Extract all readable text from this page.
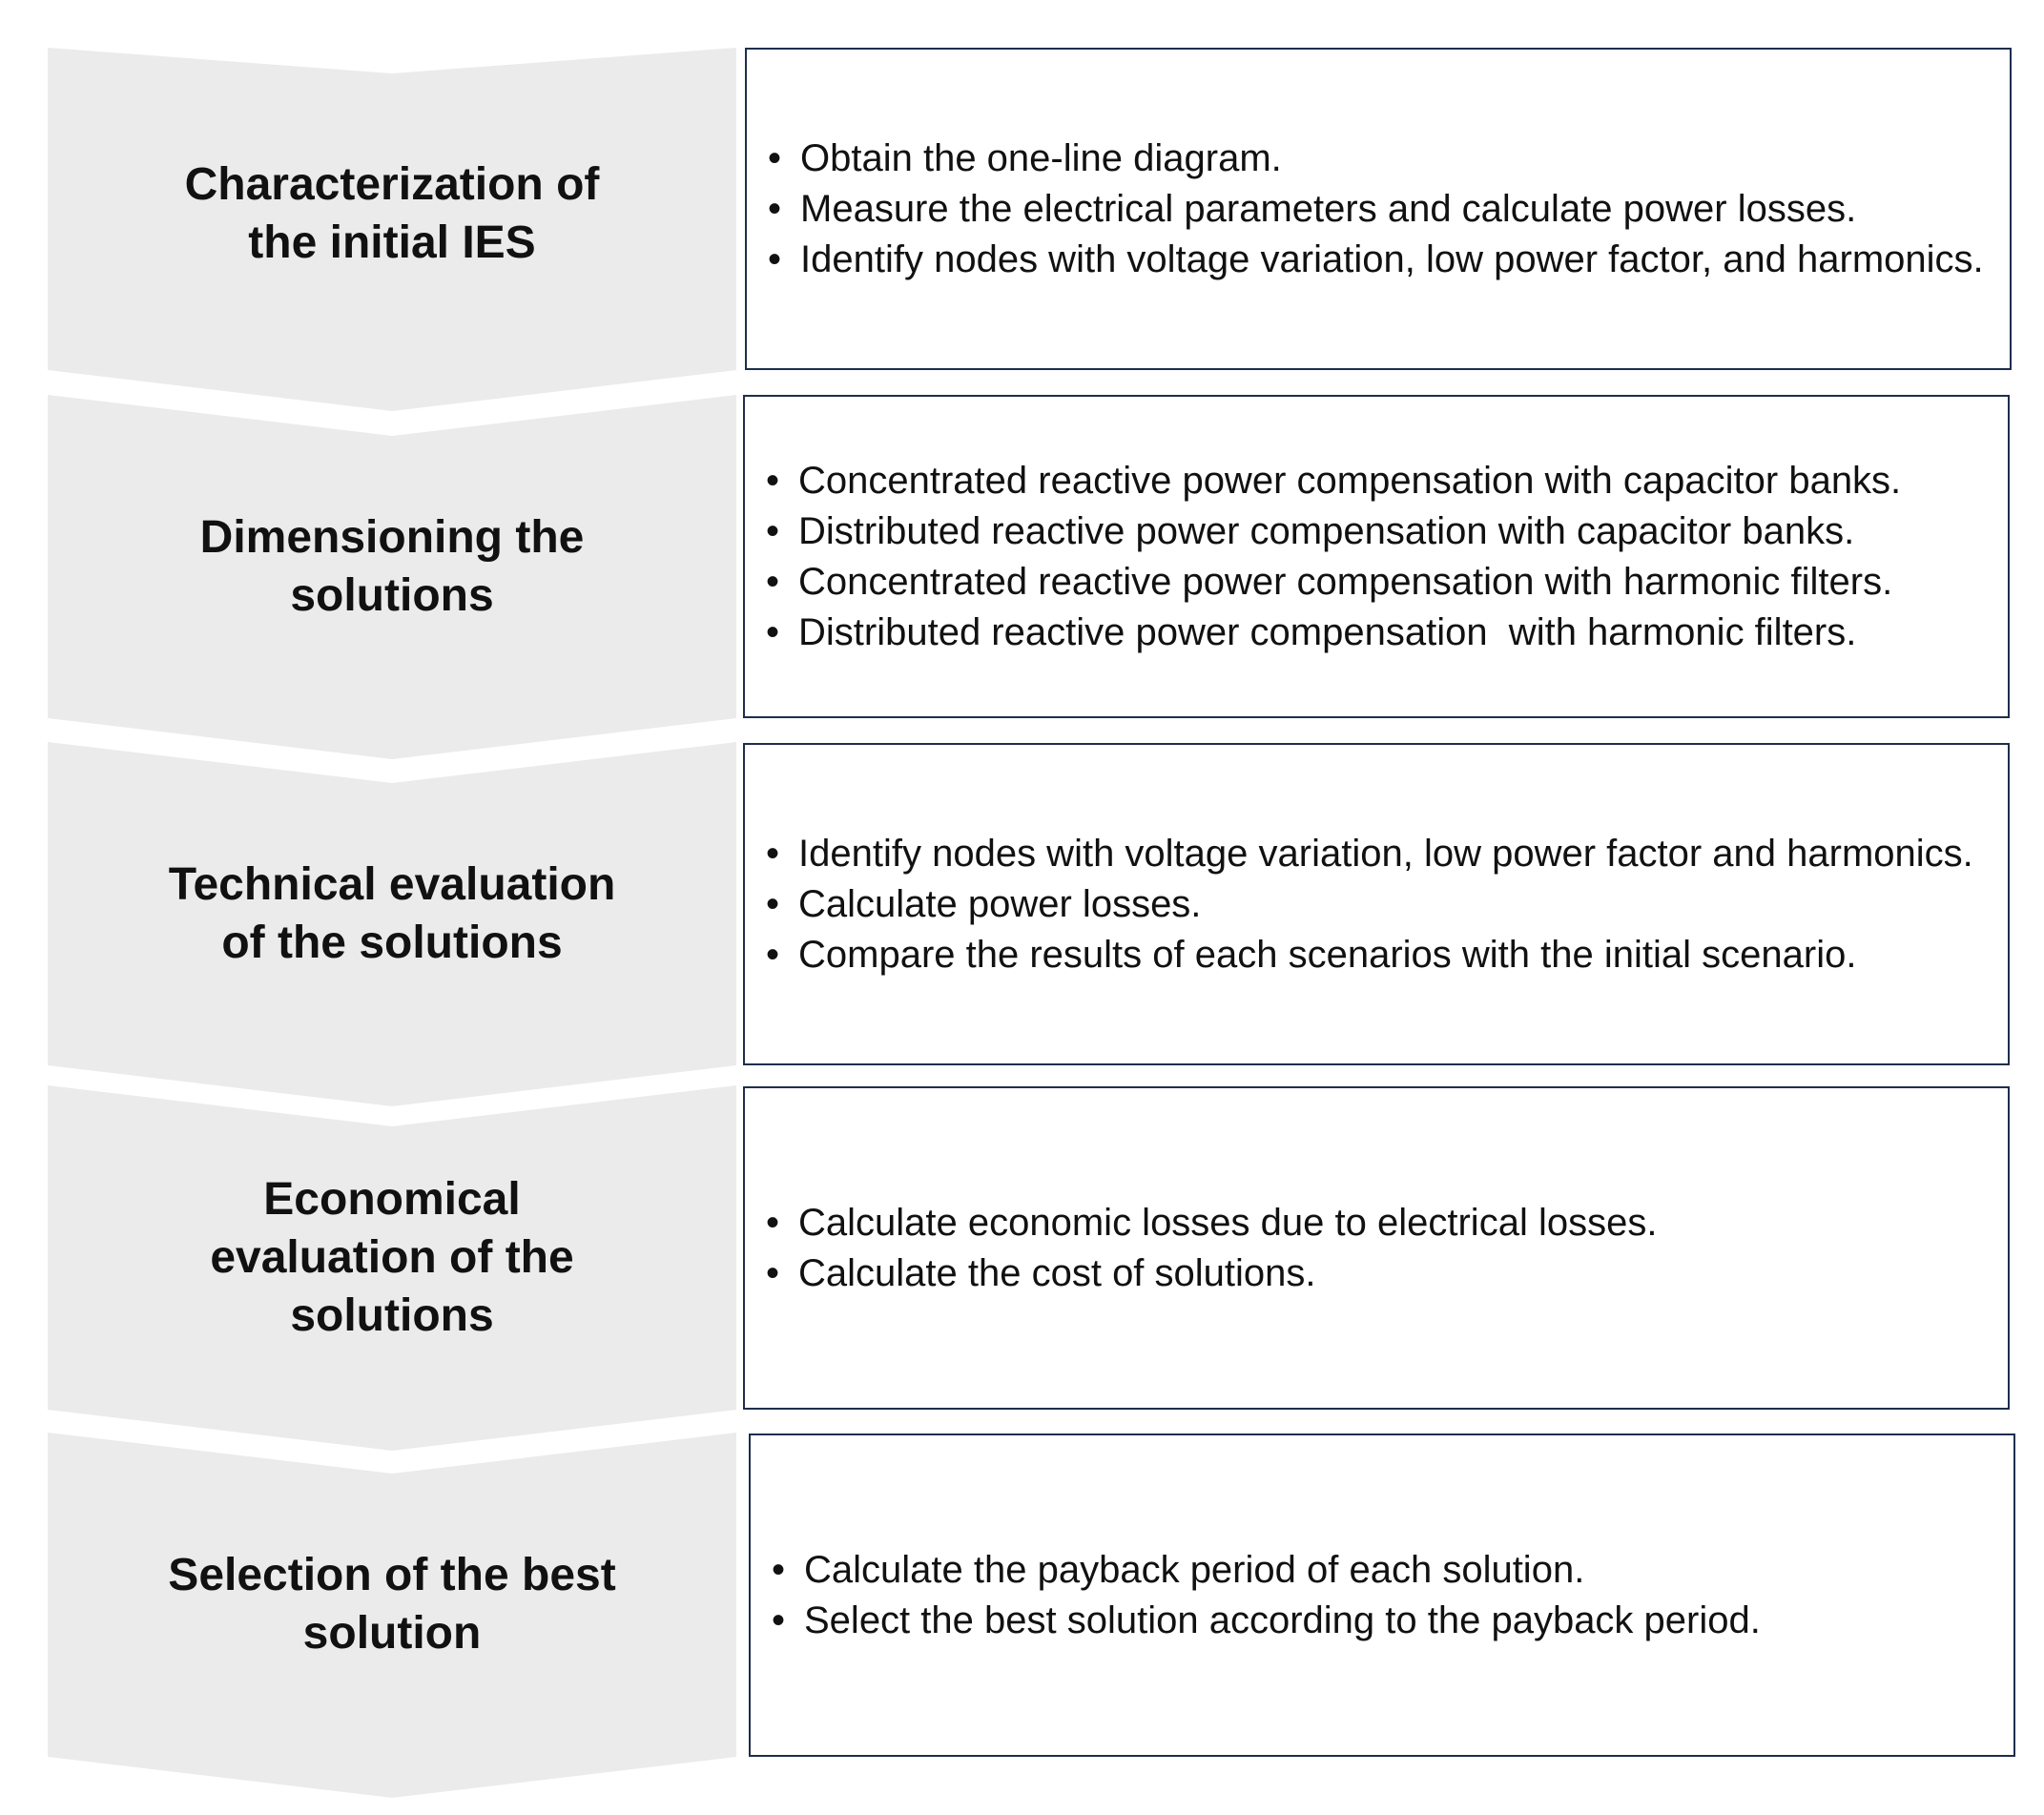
Characterization of the initial IES
• Obtain the one-line diagram.
• Measure the electrical parameters and calculate power losses.
• Identify nodes with voltage variation, low power factor, and harmonics.
Dimensioning the solutions
• Concentrated reactive power compensation with capacitor banks.
• Distributed reactive power compensation with capacitor banks.
• Concentrated reactive power compensation with harmonic filters.
• Distributed reactive power compensation  with harmonic filters.
Technical evaluation of the solutions
• Identify nodes with voltage variation, low power factor and harmonics.
• Calculate power losses.
• Compare the results of each scenarios with the initial scenario.
Economical evaluation of the solutions
• Calculate economic losses due to electrical losses.
• Calculate the cost of solutions.
Selection of the best solution
• Calculate the payback period of each solution.
• Select the best solution according to the payback period.
